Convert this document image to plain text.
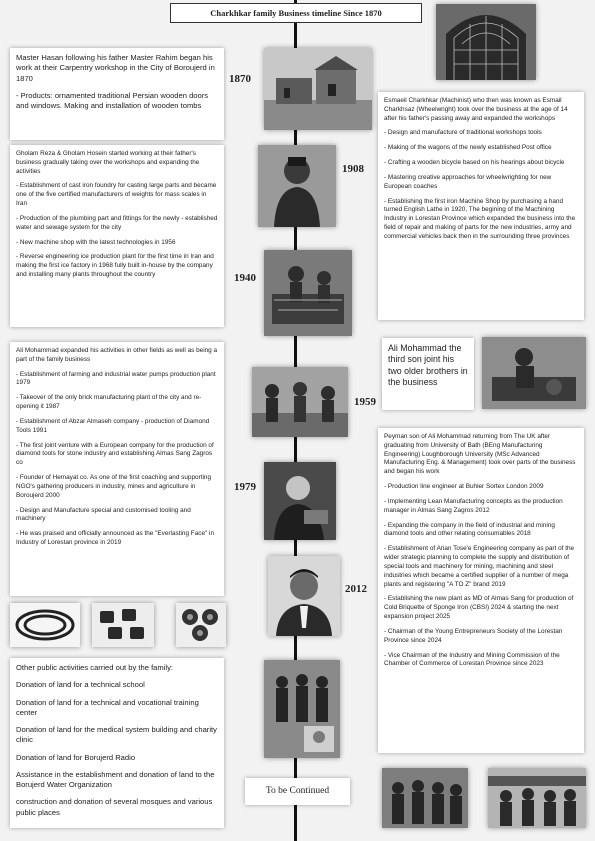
Charkhkar family Business timeline Since 1870

Master Hasan following his father Master Rahim began his work at their Carpentry workshop in the City of Boroujerd in 1870

- Products: ornamented traditional Persian wooden doors and windows. Making and installation of wooden tombs

Esmaeil Charkhkar (Machinist) who then was known as Esmail Charkhsaz (Wheelwright) took over the business at the age of 14 after his father's passing away and expanded the workshops

- Design and manufacture of traditional workshops tools

- Making of the wagons of the newly established Post office

- Crafting a wooden bicycle based on his hearings about bicycle

- Mastering creative approaches for wheelwrighting for new European coaches

- Establishing the first iron Machine Shop by purchasing a hand turned English Lathe in 1920, The begining of the Machining Industry in Lorestan Province which expanded the business into the field of repair and making of parts for the new industries, army and commercial vehicles back then in the surrounding three provinces

Gholam Reza & Gholam Hosein started working at their father's business gradually taking over the workshops and expanding the activities

- Establishment of cast iron foundry for casting large parts and became one of the five certified manufacturers of weights for mass scales in Iran

- Production of the plumbing part and fittings for the newly - established water and sewage system for the city

- New machine shop with the latest technologies in 1956

- Reverse engineering ice production plant for the first time in Iran and making the first ice factory in 1968 fully built in-house by the company and installing many plants throughout the country

Ali Mohammad the third son joint his two older brothers in the business

Ali Mohammad expanded his activities in other fields as well as being a part of the family business

- Establishment of farming and industrial water pumps production plant 1979

- Takeover of the only brick manufacturing plant of the city and re-opening it 1987

- Establishment of Abzar Almaseh company - production of Diamond Tools 1991

- The first joint venture with a European company for the production of diamond tools for stone industry and establishing Almas Sang Zagros co

- Founder of Hemayat co. As one of the first coaching and supporting NGO's gathering producers in industry, mines and agriculture in Boroujerd 2000

- Design and Manufacture special and customised tooling and machinery

- He was praised and officially announced as the "Everlasting Face" in Industry of Lorestan province in 2019

Peyman son of Ali Mohammad returning from The UK after graduating from University of Bath (BEng Manufacturing Engineering) Loughborough University (MSc Advanced Manufacturing Eng. & Management) took over parts of the business and began his work

- Production line engineer at Buhler Sortex London 2009

- Implementing Lean Manufacturing concepts as the production manager in Almas Sang Zagros 2012

- Expanding the company in the field of industrial and mining diamond tools and other relating consumables 2018

- Establishment of Arian Tose'e Engineering company as part of the wider strategic planning to complete the supply and distribution of special tools and machinery for mining, machining and steel industries which became a certified supplier of a number of mega plants and registering "A TO Z" brand 2019

- Establishing the new plant as MD of Almas Sang for production of Cold Briquette of Sponge Iron (CBSI) 2024 & starting the next expansion project 2025

- Chairman of the Young Entrepreneurs Society of the Lorestan Province since 2024

- Vice Chairman of the Industry and Mining Commission of the Chamber of Commerce of Lorestan Province since 2023

Other public activities carried out by the family:

Donation of land for a technical school

Donation of land for a technical and vocational training center

Donation of land for the medical system building and charity clinic

Donation of land for Borujerd Radio

Assistance in the establishment and donation of land to the Borujerd Water Organization

construction and donation of several mosques and various public places

1870
1908
1940
1959
1979
2012
To be Continued
